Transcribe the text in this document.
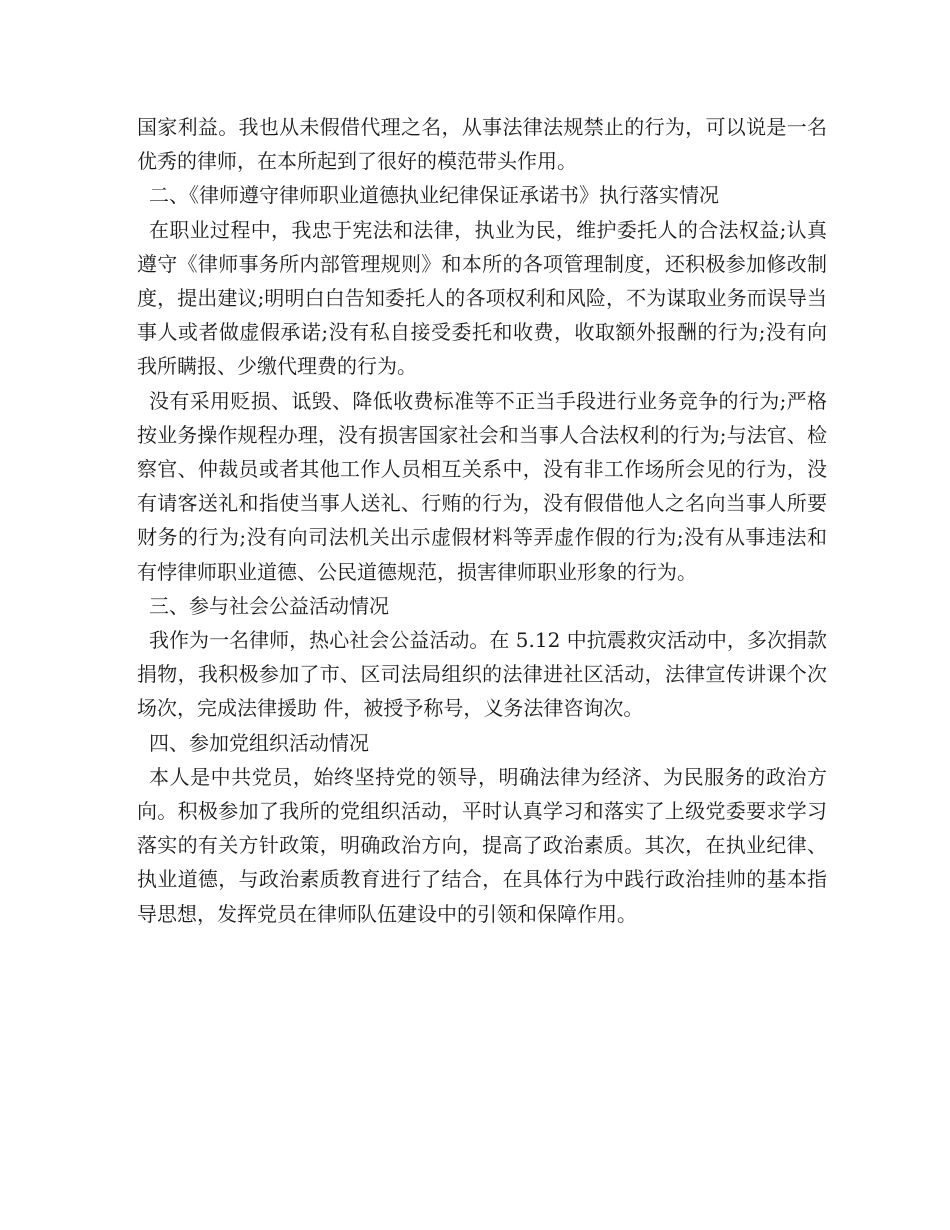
国家利益。我也从未假借代理之名，从事法律法规禁止的行为，可以说是一名优秀的律师，在本所起到了很好的模范带头作用。

二、《律师遵守律师职业道德执业纪律保证承诺书》执行落实情况

在职业过程中，我忠于宪法和法律，执业为民，维护委托人的合法权益;认真遵守《律师事务所内部管理规则》和本所的各项管理制度，还积极参加修改制度，提出建议;明明白白告知委托人的各项权利和风险，不为谋取业务而误导当事人或者做虚假承诺;没有私自接受委托和收费，收取额外报酬的行为;没有向我所瞒报、少缴代理费的行为。

没有采用贬损、诋毁、降低收费标准等不正当手段进行业务竞争的行为;严格按业务操作规程办理，没有损害国家社会和当事人合法权利的行为;与法官、检察官、仲裁员或者其他工作人员相互关系中，没有非工作场所会见的行为，没有请客送礼和指使当事人送礼、行贿的行为，没有假借他人之名向当事人所要财务的行为;没有向司法机关出示虚假材料等弄虚作假的行为;没有从事违法和有悖律师职业道德、公民道德规范，损害律师职业形象的行为。

三、参与社会公益活动情况

我作为一名律师，热心社会公益活动。在 5.12 中抗震救灾活动中，多次捐款捐物，我积极参加了市、区司法局组织的法律进社区活动，法律宣传讲课个次 场次，完成法律援助 件，被授予称号，义务法律咨询次。

四、参加党组织活动情况

本人是中共党员，始终坚持党的领导，明确法律为经济、为民服务的政治方向。积极参加了我所的党组织活动，平时认真学习和落实了上级党委要求学习落实的有关方针政策，明确政治方向，提高了政治素质。其次，在执业纪律、执业道德，与政治素质教育进行了结合，在具体行为中践行政治挂帅的基本指导思想，发挥党员在律师队伍建设中的引领和保障作用。
